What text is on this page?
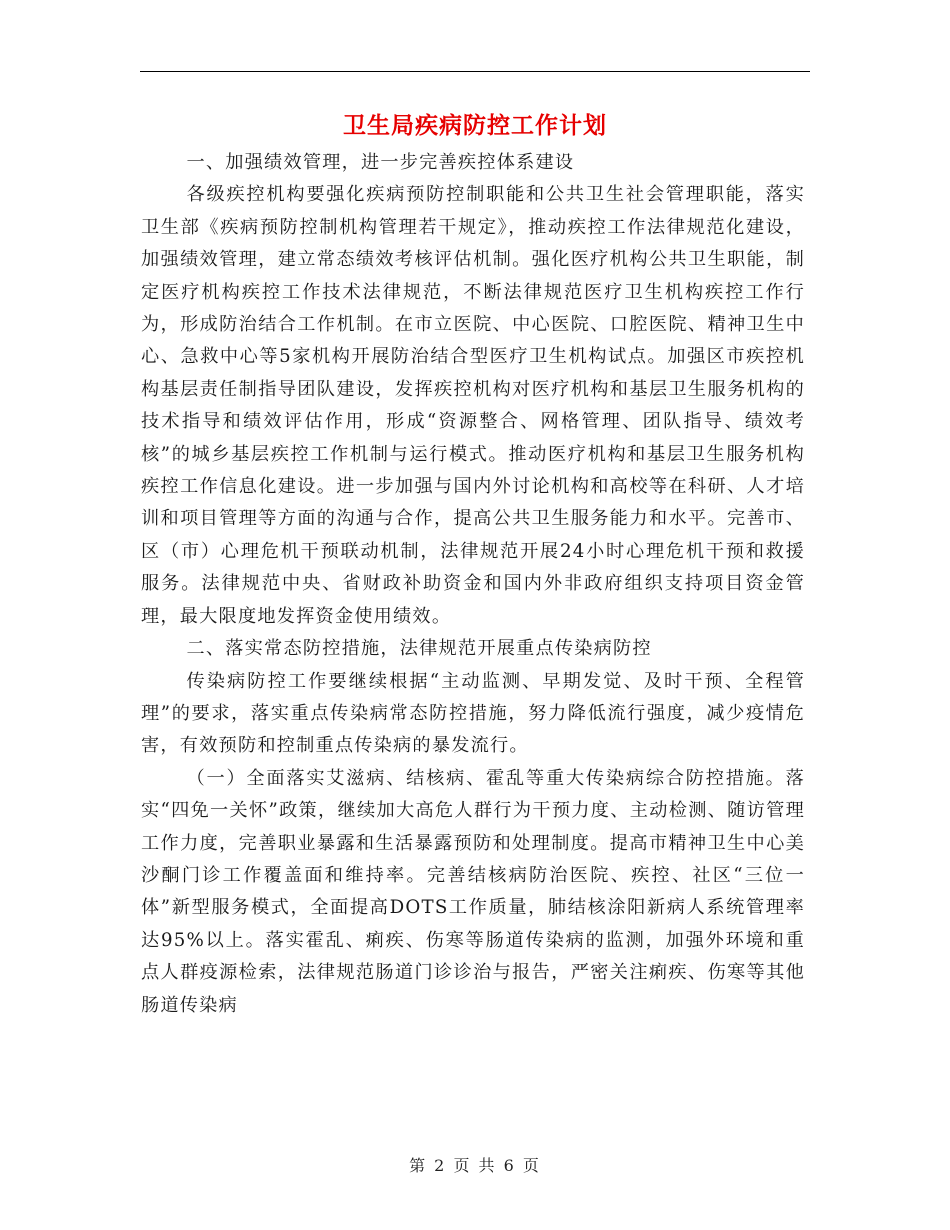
卫生局疾病防控工作计划

一、加强绩效管理，进一步完善疾控体系建设

各级疾控机构要强化疾病预防控制职能和公共卫生社会管理职能，落实卫生部《疾病预防控制机构管理若干规定》，推动疾控工作法律规范化建设，加强绩效管理，建立常态绩效考核评估机制。强化医疗机构公共卫生职能，制定医疗机构疾控工作技术法律规范，不断法律规范医疗卫生机构疾控工作行为，形成防治结合工作机制。在市立医院、中心医院、口腔医院、精神卫生中心、急救中心等5家机构开展防治结合型医疗卫生机构试点。加强区市疾控机构基层责任制指导团队建设，发挥疾控机构对医疗机构和基层卫生服务机构的技术指导和绩效评估作用，形成“资源整合、网格管理、团队指导、绩效考核”的城乡基层疾控工作机制与运行模式。推动医疗机构和基层卫生服务机构疾控工作信息化建设。进一步加强与国内外讨论机构和高校等在科研、人才培训和项目管理等方面的沟通与合作，提高公共卫生服务能力和水平。完善市、区（市）心理危机干预联动机制，法律规范开展24小时心理危机干预和救援服务。法律规范中央、省财政补助资金和国内外非政府组织支持项目资金管理，最大限度地发挥资金使用绩效。

二、落实常态防控措施，法律规范开展重点传染病防控

传染病防控工作要继续根据“主动监测、早期发觉、及时干预、全程管理”的要求，落实重点传染病常态防控措施，努力降低流行强度，减少疫情危害，有效预防和控制重点传染病的暴发流行。

（一）全面落实艾滋病、结核病、霍乱等重大传染病综合防控措施。落实“四免一关怀”政策，继续加大高危人群行为干预力度、主动检测、随访管理工作力度，完善职业暴露和生活暴露预防和处理制度。提高市精神卫生中心美沙酮门诊工作覆盖面和维持率。完善结核病防治医院、疾控、社区“三位一体”新型服务模式，全面提高DOTS工作质量，肺结核涂阳新病人系统管理率达95%以上。落实霍乱、痢疾、伤寒等肠道传染病的监测，加强外环境和重点人群疫源检索，法律规范肠道门诊诊治与报告，严密关注痢疾、伤寒等其他肠道传染病

第 2 页 共 6 页
